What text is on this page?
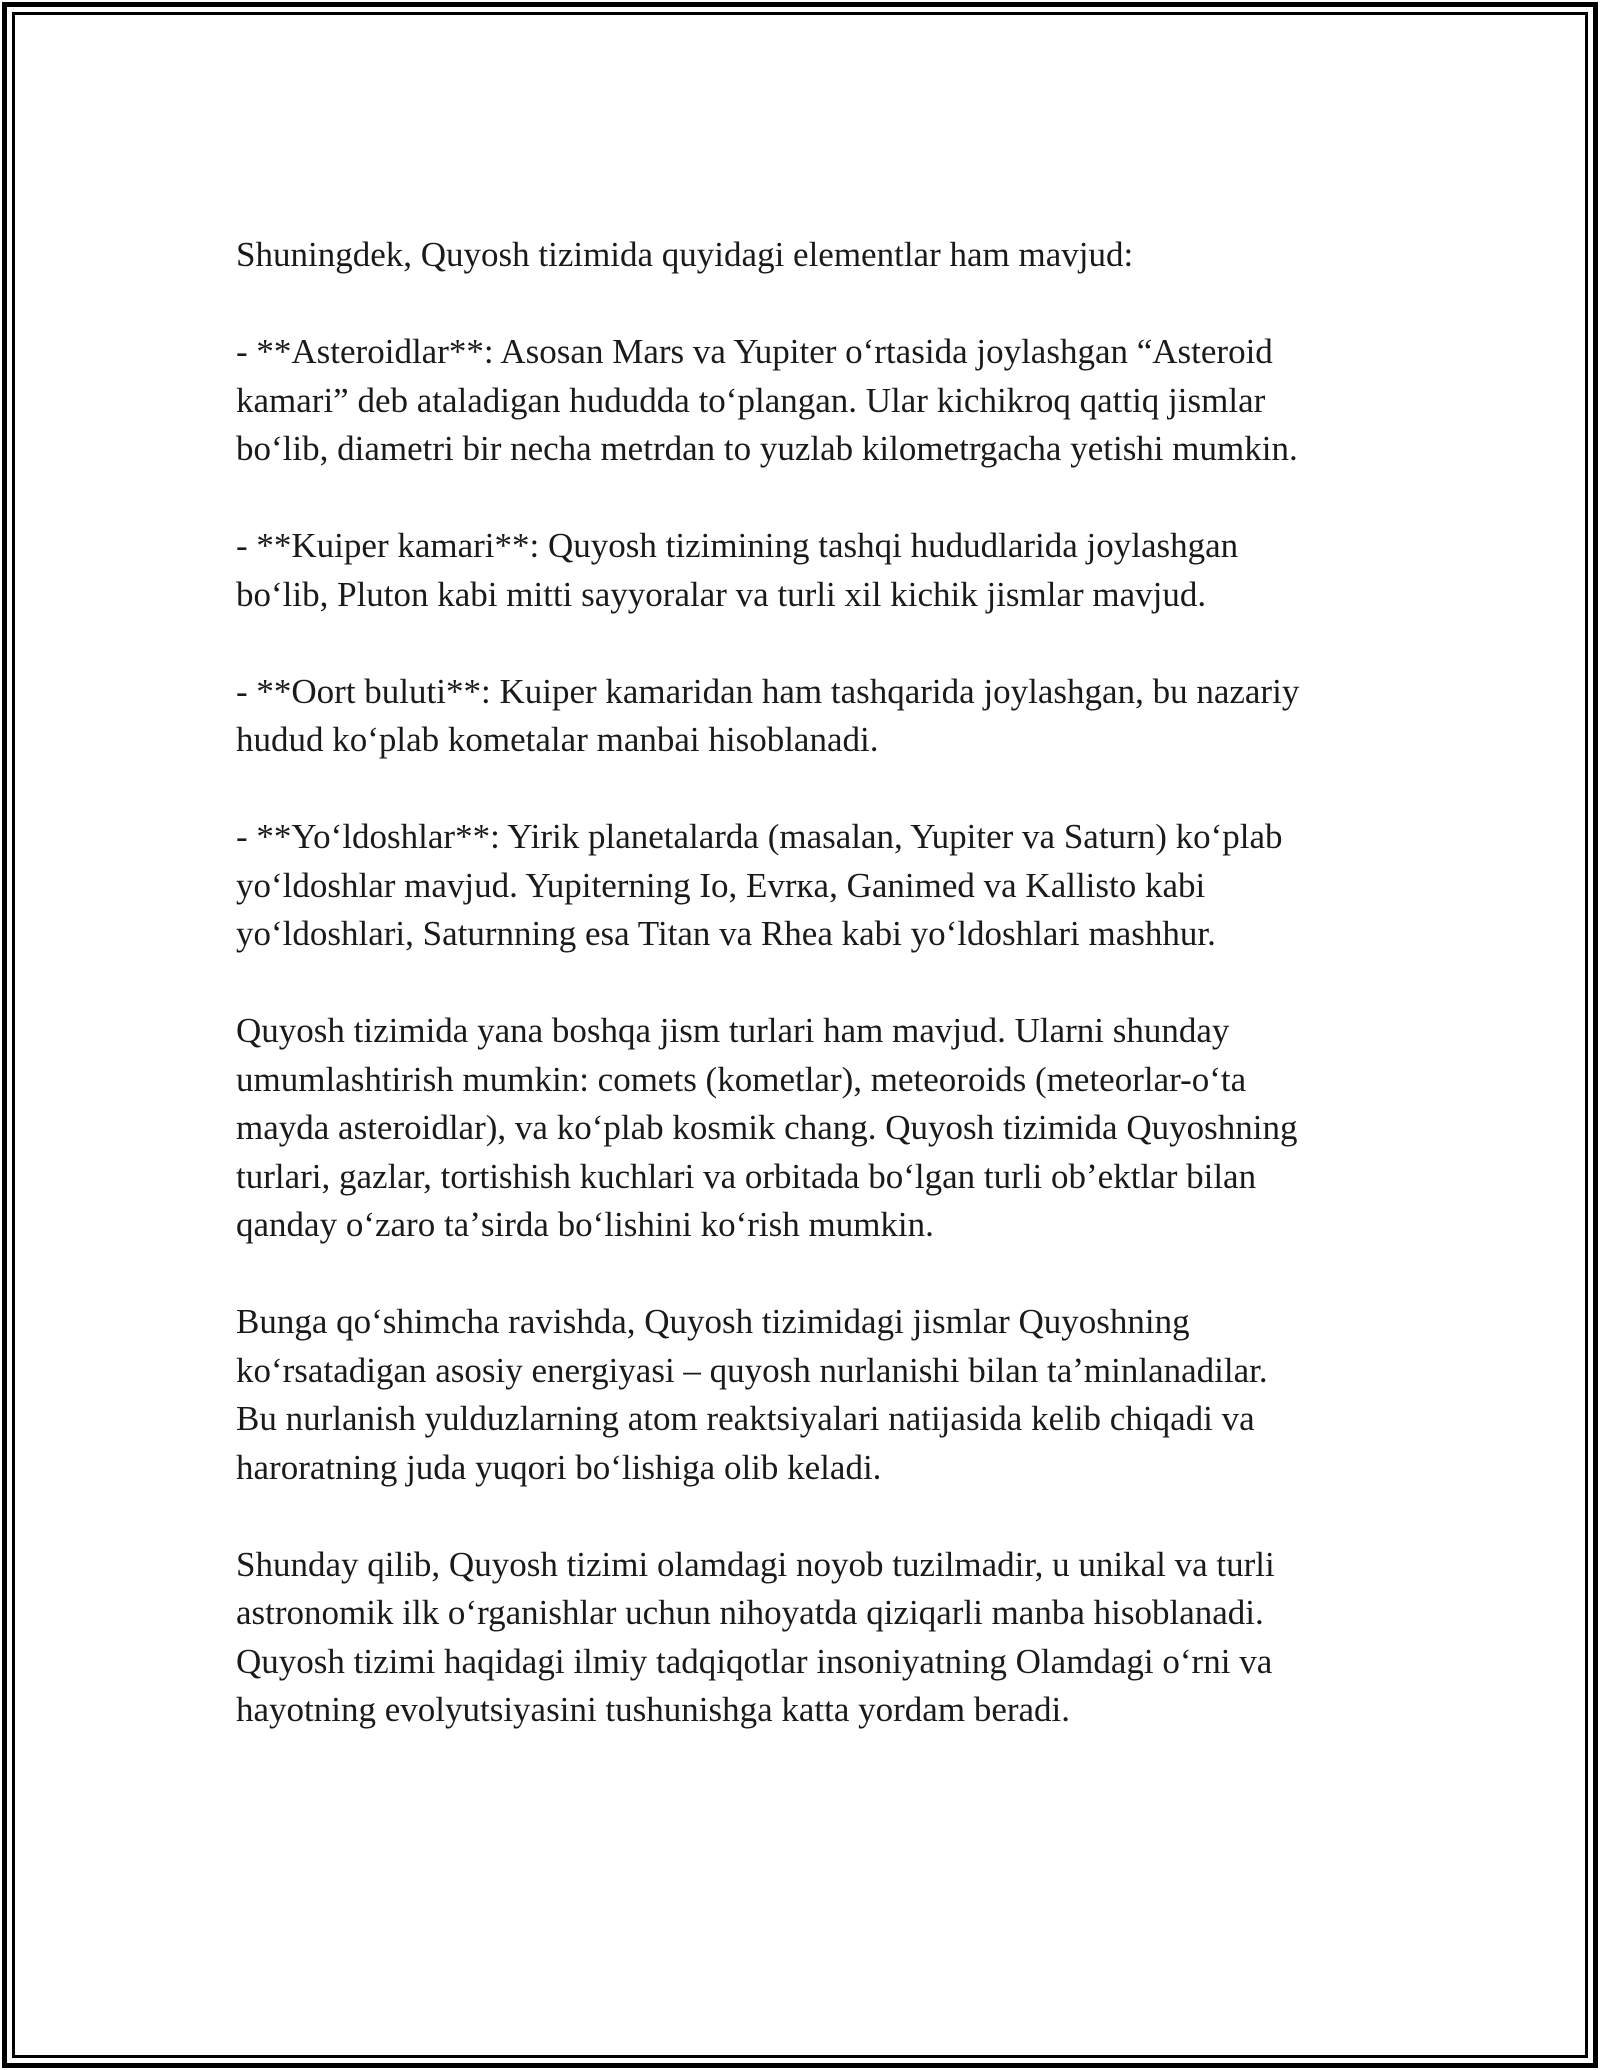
Shuningdek, Quyosh tizimida quyidagi elementlar ham mavjud:

- **Asteroidlar**: Asosan Mars va Yupiter oʻrtasida joylashgan “Asteroid
kamari” deb ataladigan hududda toʻplangan. Ular kichikroq qattiq jismlar
boʻlib, diametri bir necha metrdan to yuzlab kilometrgacha yetishi mumkin.

- **Kuiper kamari**: Quyosh tizimining tashqi hududlarida joylashgan
boʻlib, Pluton kabi mitti sayyoralar va turli xil kichik jismlar mavjud.

- **Oort buluti**: Kuiper kamaridan ham tashqarida joylashgan, bu nazariy
hudud koʻplab kometalar manbai hisoblanadi.

- **Yoʻldoshlar**: Yirik planetalarda (masalan, Yupiter va Saturn) koʻplab
yoʻldoshlar mavjud. Yupiterning Io, Evrкa, Ganimed va Kallisto kabi
yoʻldoshlari, Saturnning esa Titan va Rhea kabi yoʻldoshlari mashhur.

Quyosh tizimida yana boshqa jism turlari ham mavjud. Ularni shunday
umumlashtirish mumkin: comets (kometlar), meteoroids (meteorlar-oʻta
mayda asteroidlar), va koʻplab kosmik chang. Quyosh tizimida Quyoshning
turlari, gazlar, tortishish kuchlari va orbitada boʻlgan turli obʼektlar bilan
qanday oʻzaro taʼsirda boʻlishini koʻrish mumkin.

Bunga qoʻshimcha ravishda, Quyosh tizimidagi jismlar Quyoshning
koʻrsatadigan asosiy energiyasi – quyosh nurlanishi bilan taʼminlanadilar.
Bu nurlanish yulduzlarning atom reaktsiyalari natijasida kelib chiqadi va
haroratning juda yuqori boʻlishiga olib keladi.

Shunday qilib, Quyosh tizimi olamdagi noyob tuzilmadir, u unikal va turli
astronomik ilk oʻrganishlar uchun nihoyatda qiziqarli manba hisoblanadi.
Quyosh tizimi haqidagi ilmiy tadqiqotlar insoniyatning Olamdagi oʻrni va
hayotning evolyutsiyasini tushunishga katta yordam beradi.
